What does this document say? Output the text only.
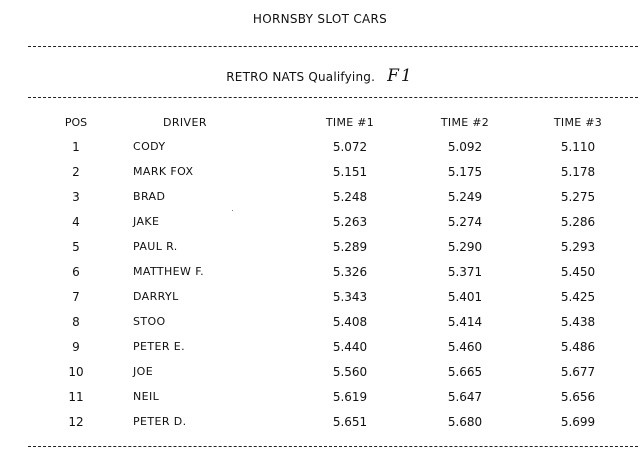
HORNSBY SLOT CARS
RETRO NATS Qualifying. F1
POS	DRIVER	TIME #1	TIME #2	TIME #3
1	CODY	5.072	5.092	5.110
2	MARK FOX	5.151	5.175	5.178
3	BRAD	5.248	5.249	5.275
4	JAKE	5.263	5.274	5.286
5	PAUL R.	5.289	5.290	5.293
6	MATTHEW F.	5.326	5.371	5.450
7	DARRYL	5.343	5.401	5.425
8	STOO	5.408	5.414	5.438
9	PETER E.	5.440	5.460	5.486
10	JOE	5.560	5.665	5.677
11	NEIL	5.619	5.647	5.656
12	PETER D.	5.651	5.680	5.699
